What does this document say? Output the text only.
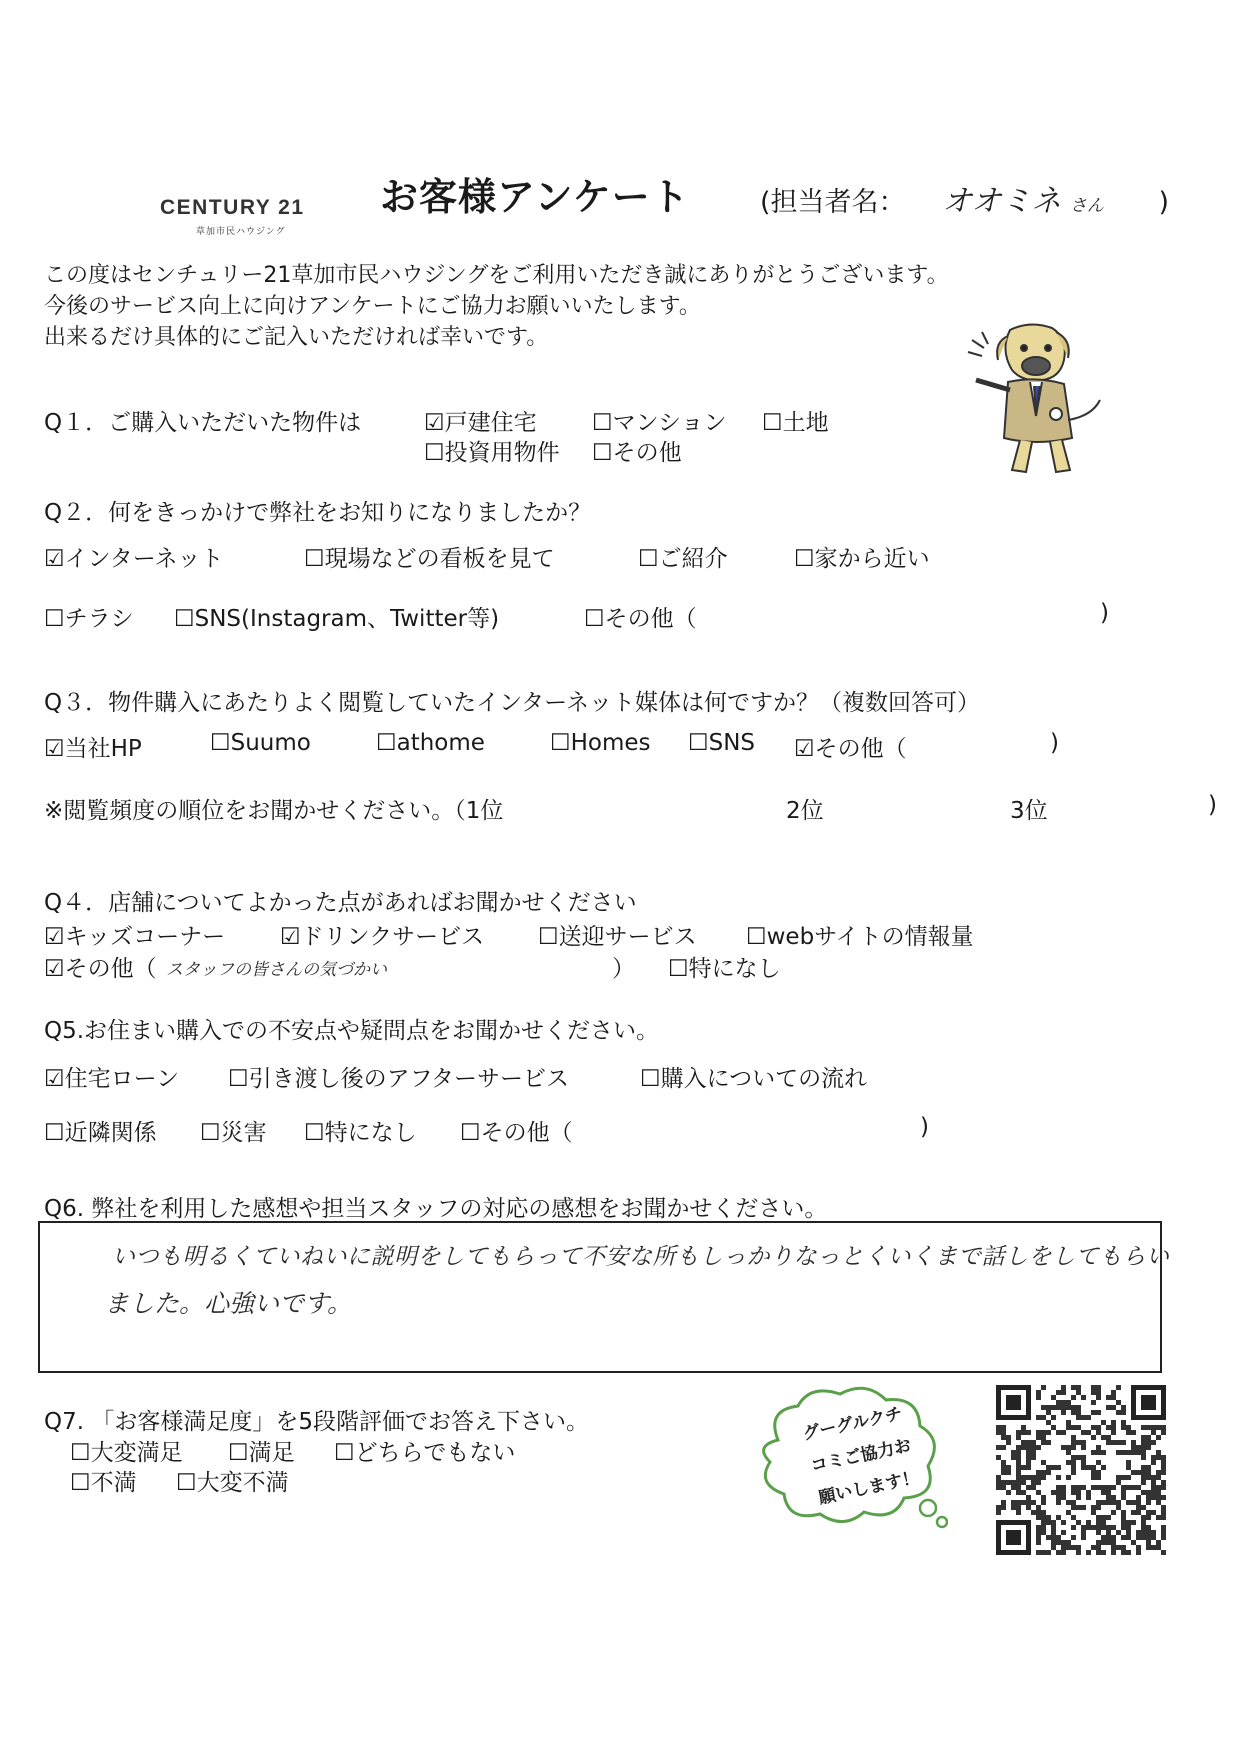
CENTURY 21
草加市民ハウジング
お客様アンケート	(担当者名： オオミネ さん )
この度はセンチュリー21草加市民ハウジングをご利用いただき誠にありがとうございます。
今後のサービス向上に向けアンケートにご協力お願いいたします。
出来るだけ具体的にご記入いただければ幸いです。
Q１．ご購入いただいた物件は	☑戸建住宅 ☐マンション ☐土地
☐投資用物件 ☐その他
Q２．何をきっかけで弊社をお知りになりましたか？
☑インターネット	☐現場などの看板を見て	☐ご紹介	☐家から近い
☐チラシ ☐SNS(Instagram、Twitter等)	☐その他（	)
Q３．物件購入にあたりよく閲覧していたインターネット媒体は何ですか？（複数回答可）
☑当社HP	☐Suumo	☐athome	☐Homes ☐SNS ☑その他（	)
※閲覧頻度の順位をお聞かせください。（1位	2位	3位	)
Q４．店舗についてよかった点があればお聞かせください
☑キッズコーナー ☑ドリンクサービス ☐送迎サービス ☐webサイトの情報量
☑その他（ スタッフの皆さんの気づかい	） ☐特になし
Q5.お住まい購入での不安点や疑問点をお聞かせください。
☑住宅ローン ☐引き渡し後のアフターサービス	☐購入についての流れ
☐近隣関係 ☐災害 ☐特になし ☐その他（	)
Q6. 弊社を利用した感想や担当スタッフの対応の感想をお聞かせください。
いつも明るくていねいに説明をしてもらって不安な所もしっかりなっとくいくまで話しをしてもらい
ました。心強いです。
Q7. 「お客様満足度」を5段階評価でお答え下さい。
☐大変満足 ☐満足 ☐どちらでもない
☐不満 ☐大変不満
グーグルクチ
コミご協力お
願いします！
